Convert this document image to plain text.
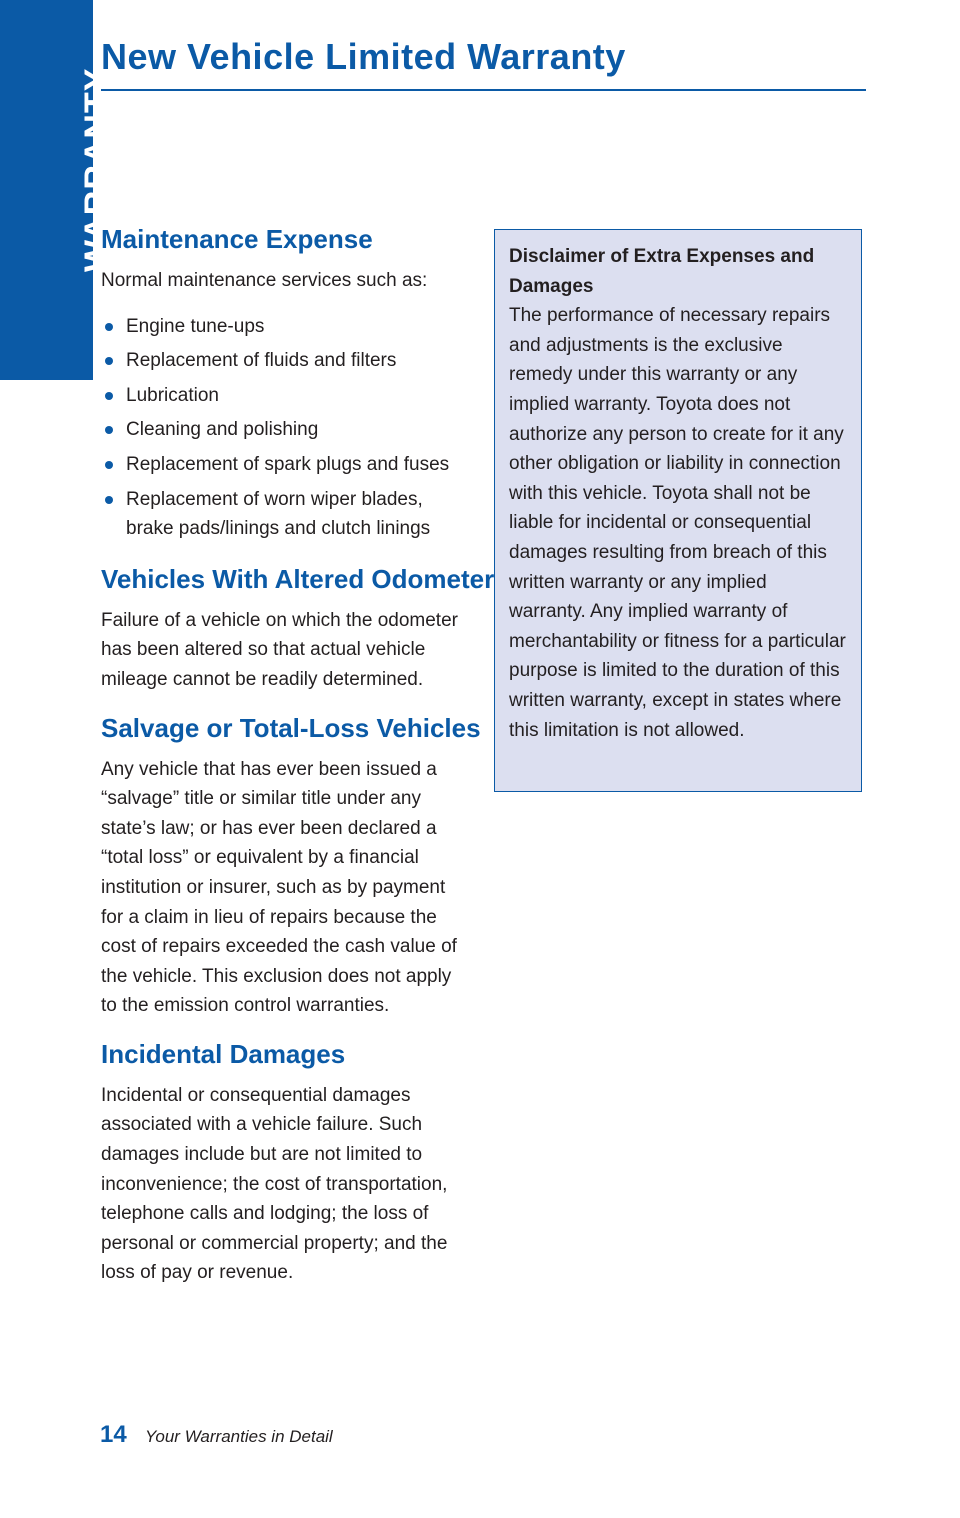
WARRANTY
New Vehicle Limited Warranty
Maintenance Expense

Normal maintenance services such as:

Engine tune-ups
Replacement of fluids and filters
Lubrication
Cleaning and polishing
Replacement of spark plugs and fuses
Replacement of worn wiper blades, brake pads/linings and clutch linings
Vehicles With Altered Odometer

Failure of a vehicle on which the odometer has been altered so that actual vehicle mileage cannot be readily determined.

Salvage or Total-Loss Vehicles

Any vehicle that has ever been issued a “salvage” title or similar title under any state’s law; or has ever been declared a “total loss” or equivalent by a financial institution or insurer, such as by payment for a claim in lieu of repairs because the cost of repairs exceeded the cash value of the vehicle. This exclusion does not apply to the emission control warranties.

Incidental Damages

Incidental or consequential damages associated with a vehicle failure. Such damages include but are not limited to inconvenience; the cost of transportation, telephone calls and lodging; the loss of personal or commercial property; and the loss of pay or revenue.

Disclaimer of Extra Expenses and Damages

The performance of necessary repairs and adjustments is the exclusive remedy under this warranty or any implied warranty. Toyota does not authorize any person to create for it any other obligation or liability in connection with this vehicle. Toyota shall not be liable for incidental or consequential damages resulting from breach of this written warranty or any implied warranty. Any implied warranty of merchantability or fitness for a particular purpose is limited to the duration of this written warranty, except in states where this limitation is not allowed.

14 Your Warranties in Detail
